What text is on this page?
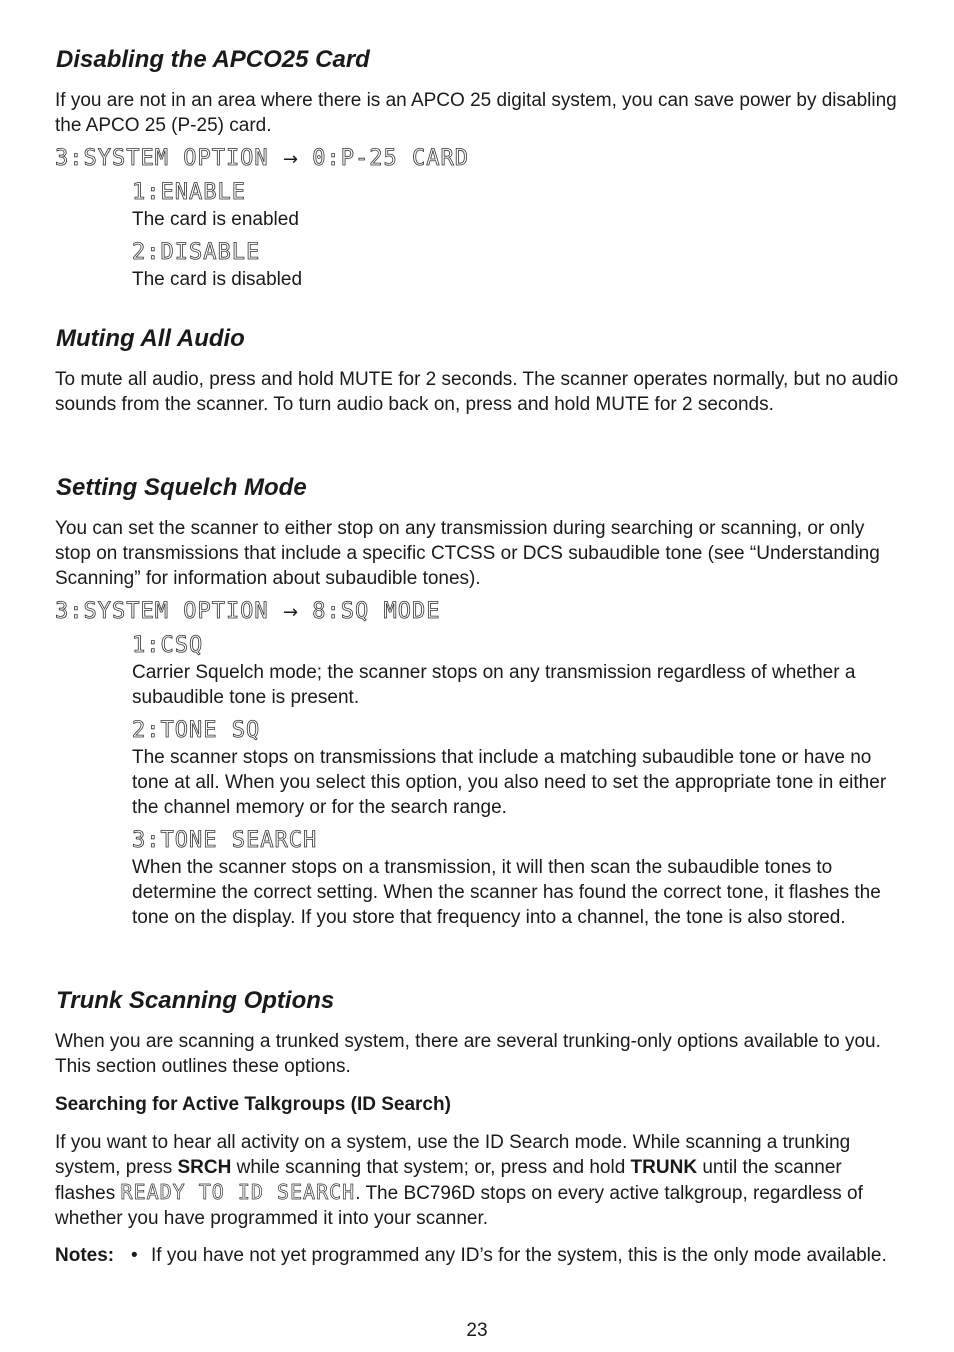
Disabling the APCO25 Card

If you are not in an area where there is an APCO 25 digital system, you can save power by disabling the APCO 25 (P-25) card.

3:SYSTEM OPTION → 0:P-25 CARD
1:ENABLE

The card is enabled

2:DISABLE

The card is disabled

Muting All Audio

To mute all audio, press and hold MUTE for 2 seconds. The scanner operates normally, but no audio sounds from the scanner. To turn audio back on, press and hold MUTE for 2 seconds.

Setting Squelch Mode

You can set the scanner to either stop on any transmission during searching or scanning, or only stop on transmissions that include a specific CTCSS or DCS subaudible tone (see “Understanding Scanning” for information about subaudible tones).

3:SYSTEM OPTION → 8:SQ MODE
1:CSQ

Carrier Squelch mode; the scanner stops on any transmission regardless of whether a subaudible tone is present.

2:TONE SQ

The scanner stops on transmissions that include a matching subaudible tone or have no tone at all. When you select this option, you also need to set the appropriate tone in either the channel memory or for the search range.

3:TONE SEARCH

When the scanner stops on a transmission, it will then scan the subaudible tones to determine the correct setting. When the scanner has found the correct tone, it flashes the tone on the display. If you store that frequency into a channel, the tone is also stored.

Trunk Scanning Options

When you are scanning a trunked system, there are several trunking-only options available to you. This section outlines these options.

Searching for Active Talkgroups (ID Search)

If you want to hear all activity on a system, use the ID Search mode. While scanning a trunking system, press SRCH while scanning that system; or, press and hold TRUNK until the scanner flashes READY TO ID SEARCH. The BC796D stops on every active talkgroup, regardless of whether you have programmed it into your scanner.

Notes: • If you have not yet programmed any ID’s for the system, this is the only mode available.

23
